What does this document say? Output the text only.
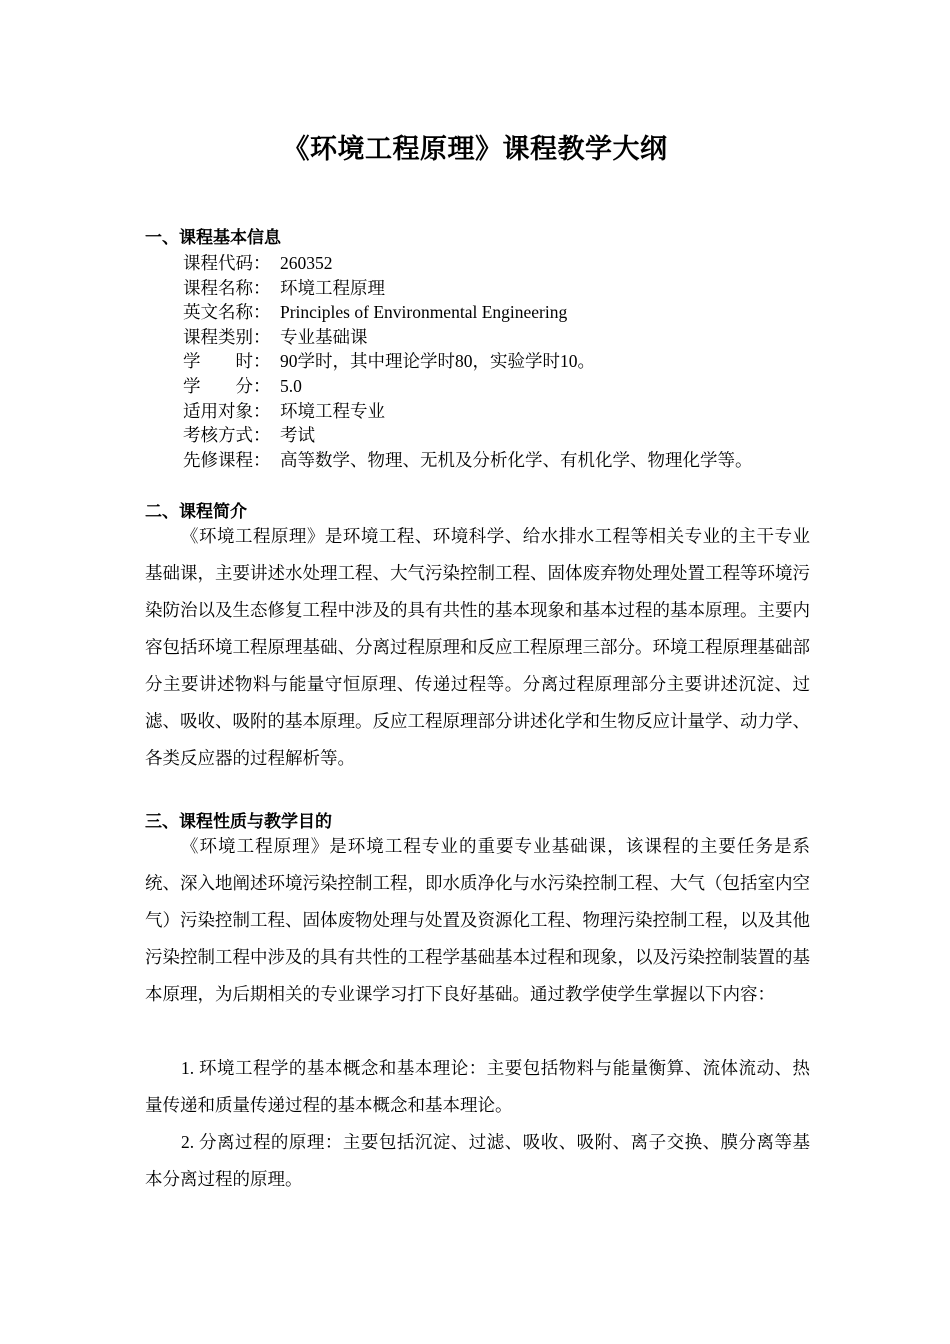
《环境工程原理》课程教学大纲
一、课程基本信息
课程代码： 260352
课程名称： 环境工程原理
英文名称： Principles of Environmental Engineering
课程类别： 专业基础课
学　　时： 90学时，其中理论学时80，实验学时10。
学　　分： 5.0
适用对象： 环境工程专业
考核方式： 考试
先修课程： 高等数学、物理、无机及分析化学、有机化学、物理化学等。
二、课程简介

《环境工程原理》是环境工程、环境科学、给水排水工程等相关专业的主干专业基础课，主要讲述水处理工程、大气污染控制工程、固体废弃物处理处置工程等环境污染防治以及生态修复工程中涉及的具有共性的基本现象和基本过程的基本原理。主要内容包括环境工程原理基础、分离过程原理和反应工程原理三部分。环境工程原理基础部分主要讲述物料与能量守恒原理、传递过程等。分离过程原理部分主要讲述沉淀、过滤、吸收、吸附的基本原理。反应工程原理部分讲述化学和生物反应计量学、动力学、各类反应器的过程解析等。

三、课程性质与教学目的

《环境工程原理》是环境工程专业的重要专业基础课，该课程的主要任务是系统、深入地阐述环境污染控制工程，即水质净化与水污染控制工程、大气（包括室内空气）污染控制工程、固体废物处理与处置及资源化工程、物理污染控制工程，以及其他污染控制工程中涉及的具有共性的工程学基础基本过程和现象，以及污染控制装置的基本原理，为后期相关的专业课学习打下良好基础。通过教学使学生掌握以下内容：

1. 环境工程学的基本概念和基本理论：主要包括物料与能量衡算、流体流动、热量传递和质量传递过程的基本概念和基本理论。

2. 分离过程的原理：主要包括沉淀、过滤、吸收、吸附、离子交换、膜分离等基本分离过程的原理。
